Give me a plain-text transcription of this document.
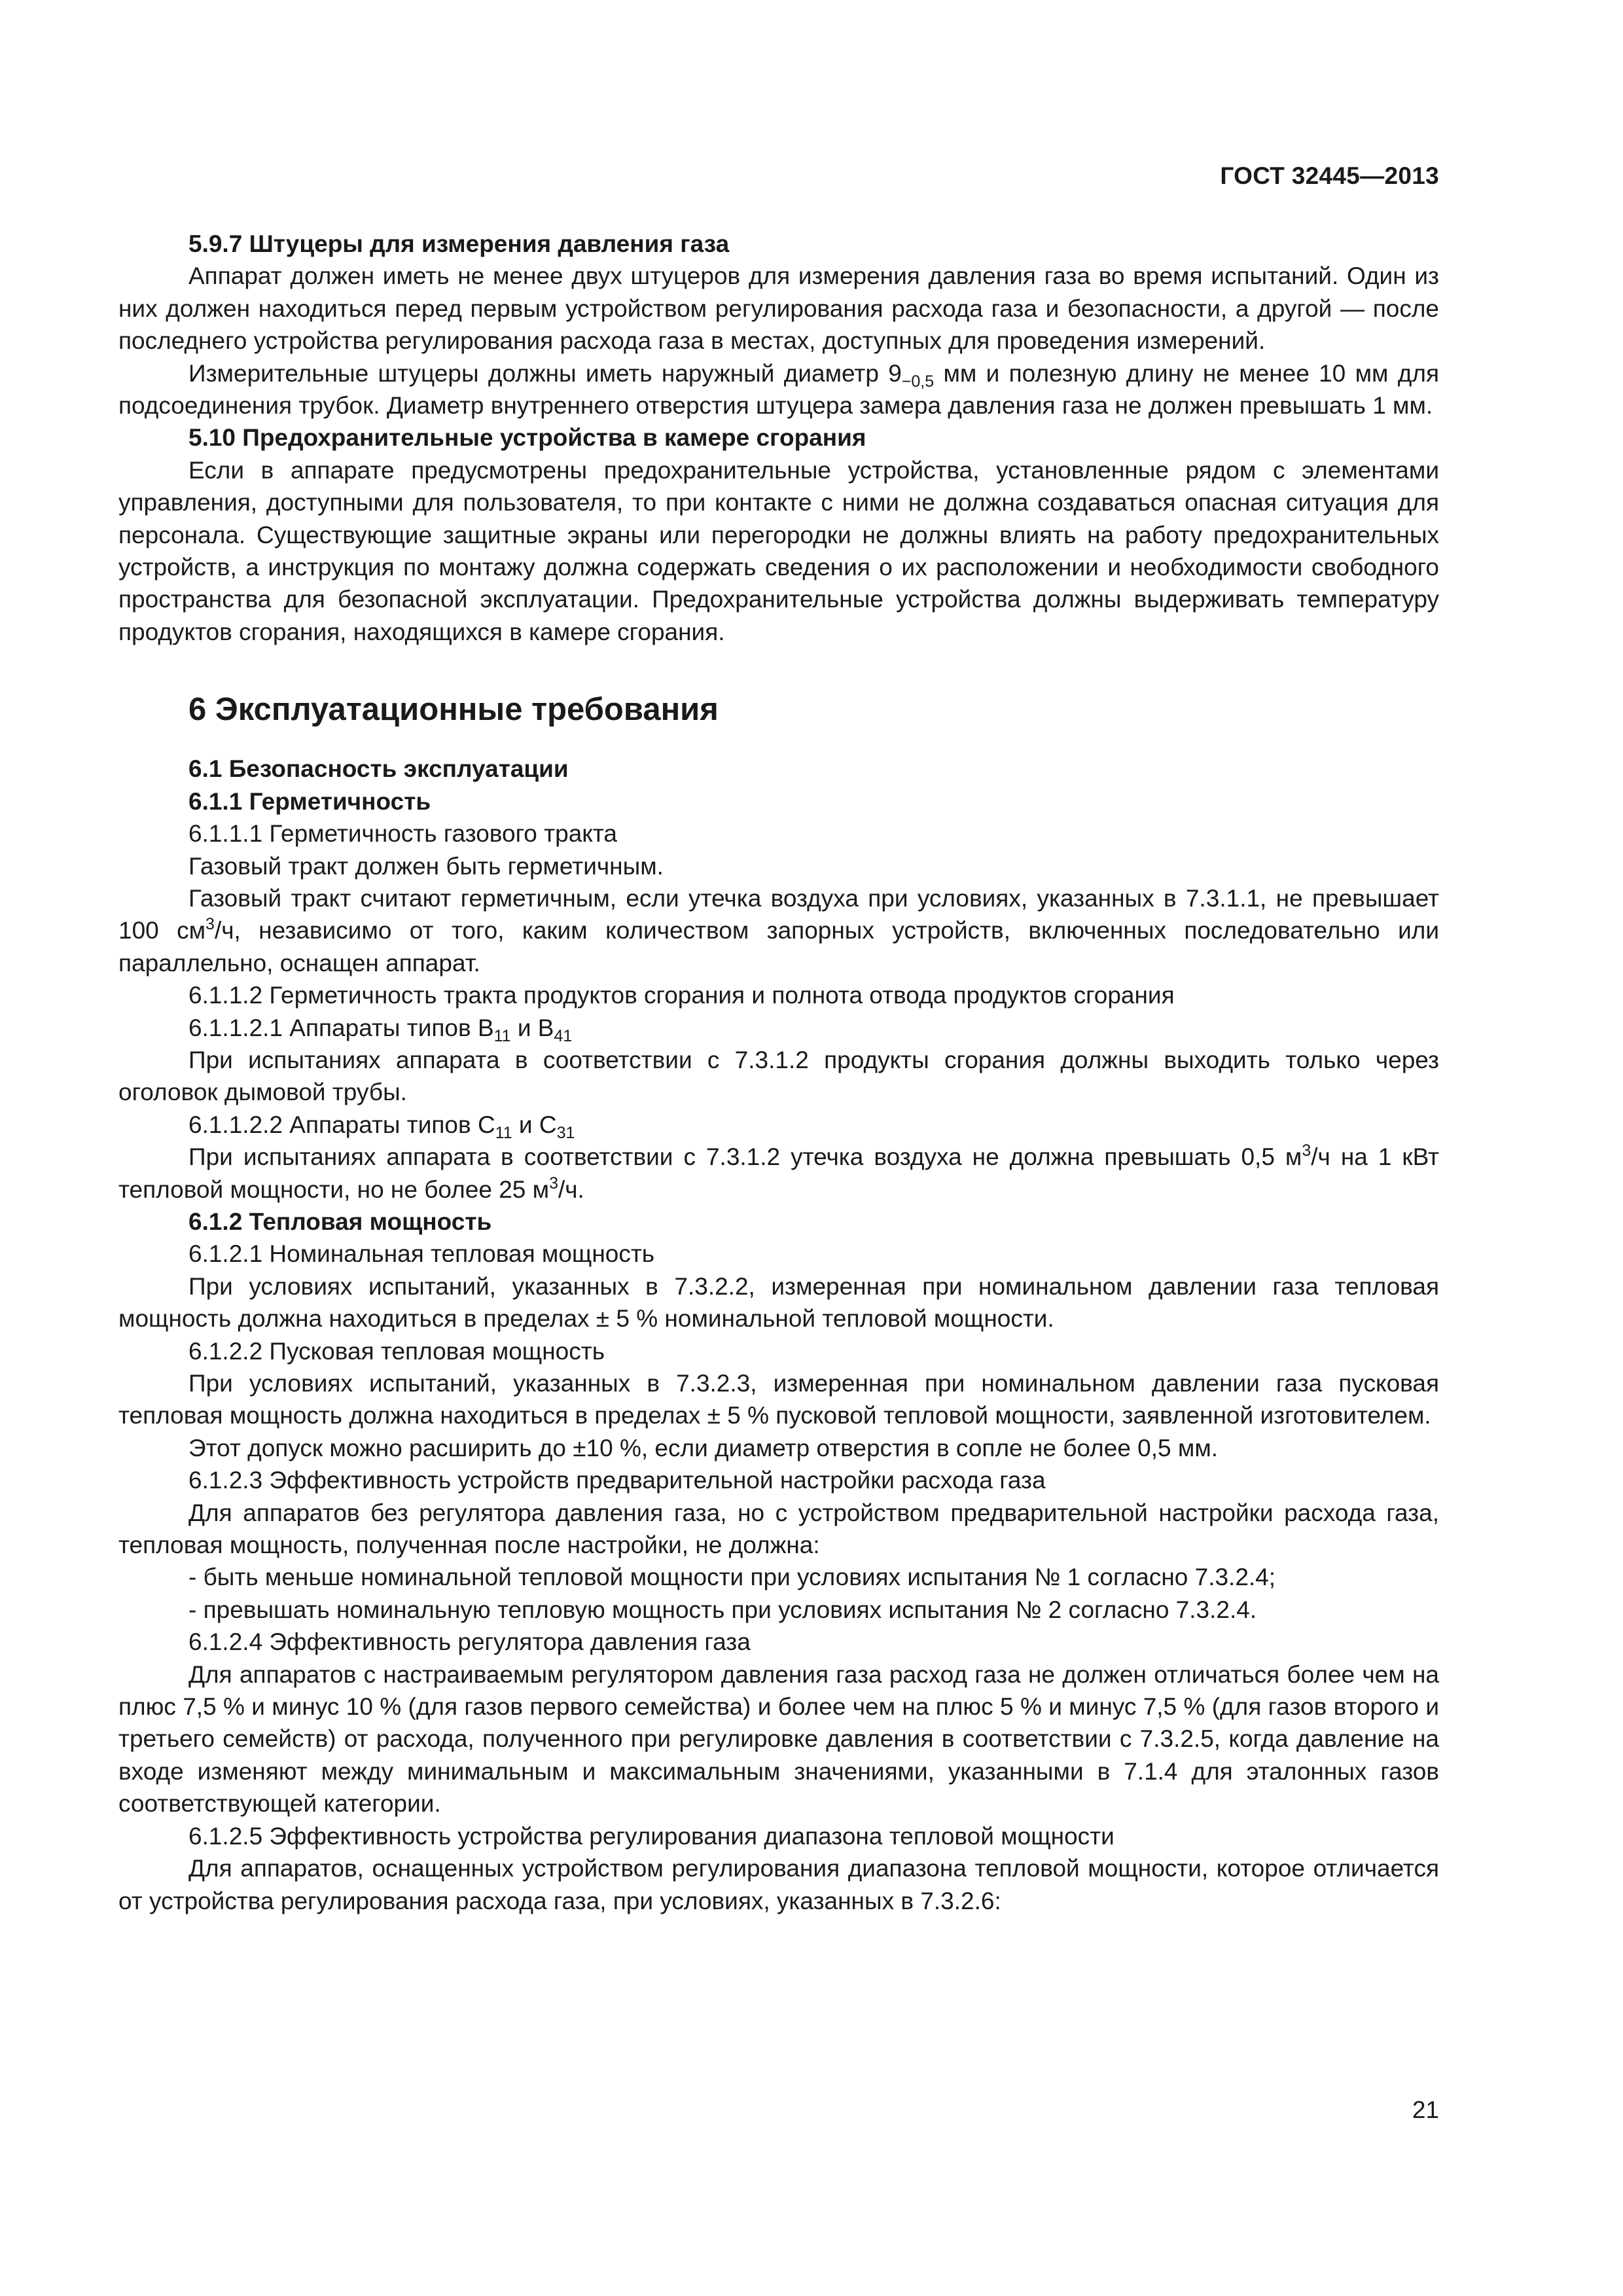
ГОСТ 32445—2013

5.9.7 Штуцеры для измерения давления газа

Аппарат должен иметь не менее двух штуцеров для измерения давления газа во время испытаний. Один из них должен находиться перед первым устройством регулирования расхода газа и безопасности, а другой — после последнего устройства регулирования расхода газа в местах, доступных для проведения измерений.

Измерительные штуцеры должны иметь наружный диаметр $9_{-0,5}$ мм и полезную длину не менее 10 мм для подсоединения трубок. Диаметр внутреннего отверстия штуцера замера давления газа не должен превышать 1 мм.

5.10 Предохранительные устройства в камере сгорания

Если в аппарате предусмотрены предохранительные устройства, установленные рядом с элементами управления, доступными для пользователя, то при контакте с ними не должна создаваться опасная ситуация для персонала. Существующие защитные экраны или перегородки не должны влиять на работу предохранительных устройств, а инструкция по монтажу должна содержать сведения о их расположении и необходимости свободного пространства для безопасной эксплуатации. Предохранительные устройства должны выдерживать температуру продуктов сгорания, находящихся в камере сгорания.

6 Эксплуатационные требования

6.1 Безопасность эксплуатации

6.1.1 Герметичность

6.1.1.1 Герметичность газового тракта

Газовый тракт должен быть герметичным.

Газовый тракт считают герметичным, если утечка воздуха при условиях, указанных в 7.3.1.1, не превышает 100 $см^3/ч$, независимо от того, каким количеством запорных устройств, включенных последовательно или параллельно, оснащен аппарат.

6.1.1.2 Герметичность тракта продуктов сгорания и полнота отвода продуктов сгорания

6.1.1.2.1 Аппараты типов $B_{11}$ и $B_{41}$

При испытаниях аппарата в соответствии с 7.3.1.2 продукты сгорания должны выходить только через оголовок дымовой трубы.

6.1.1.2.2 Аппараты типов $C_{11}$ и $C_{31}$

При испытаниях аппарата в соответствии с 7.3.1.2 утечка воздуха не должна превышать 0,5 $м^3/ч$ на 1 кВт тепловой мощности, но не более 25 $м^3/ч$.

6.1.2 Тепловая мощность

6.1.2.1 Номинальная тепловая мощность

При условиях испытаний, указанных в 7.3.2.2, измеренная при номинальном давлении газа тепловая мощность должна находиться в пределах ± 5 % номинальной тепловой мощности.

6.1.2.2 Пусковая тепловая мощность

При условиях испытаний, указанных в 7.3.2.3, измеренная при номинальном давлении газа пусковая тепловая мощность должна находиться в пределах ± 5 % пусковой тепловой мощности, заявленной изготовителем.

Этот допуск можно расширить до ±10 %, если диаметр отверстия в сопле не более 0,5 мм.

6.1.2.3 Эффективность устройств предварительной настройки расхода газа

Для аппаратов без регулятора давления газа, но с устройством предварительной настройки расхода газа, тепловая мощность, полученная после настройки, не должна:

- быть меньше номинальной тепловой мощности при условиях испытания № 1 согласно 7.3.2.4;

- превышать номинальную тепловую мощность при условиях испытания № 2 согласно 7.3.2.4.

6.1.2.4 Эффективность регулятора давления газа

Для аппаратов с настраиваемым регулятором давления газа расход газа не должен отличаться более чем на плюс 7,5 % и минус 10 % (для газов первого семейства) и более чем на плюс 5 % и минус 7,5 % (для газов второго и третьего семейств) от расхода, полученного при регулировке давления в соответствии с 7.3.2.5, когда давление на входе изменяют между минимальным и максимальным значениями, указанными в 7.1.4 для эталонных газов соответствующей категории.

6.1.2.5 Эффективность устройства регулирования диапазона тепловой мощности

Для аппаратов, оснащенных устройством регулирования диапазона тепловой мощности, которое отличается от устройства регулирования расхода газа, при условиях, указанных в 7.3.2.6:

21
